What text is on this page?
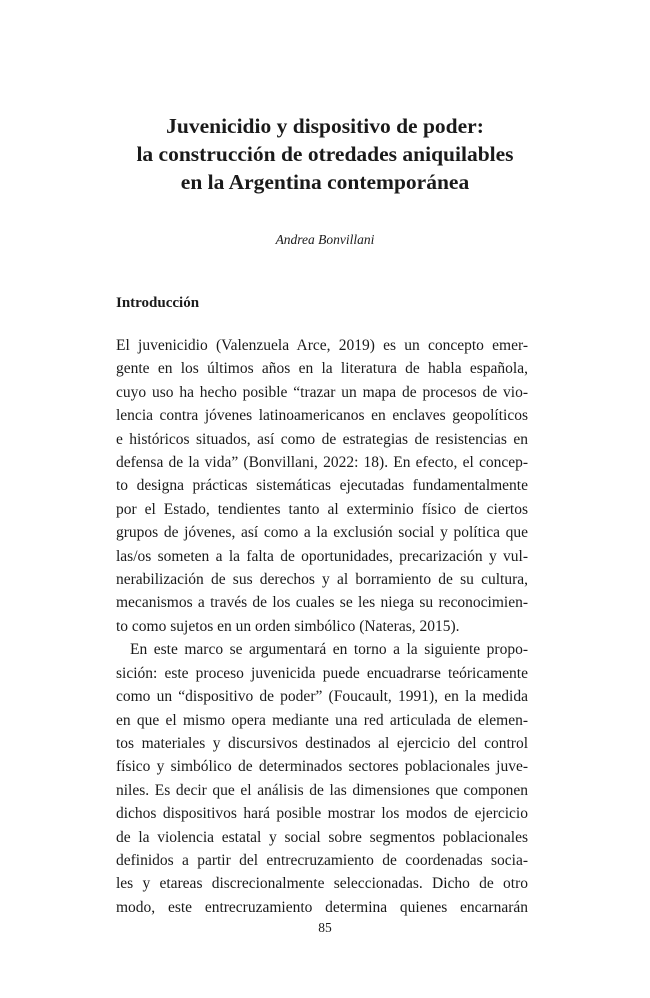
Juvenicidio y dispositivo de poder:
la construcción de otredades aniquilables
en la Argentina contemporánea
Andrea Bonvillani
Introducción

El juvenicidio (Valenzuela Arce, 2019) es un concepto emer-
gente en los últimos años en la literatura de habla española,
cuyo uso ha hecho posible “trazar un mapa de procesos de vio-
lencia contra jóvenes latinoamericanos en enclaves geopolíticos
e históricos situados, así como de estrategias de resistencias en
defensa de la vida” (Bonvillani, 2022: 18). En efecto, el concep-
to designa prácticas sistemáticas ejecutadas fundamentalmente
por el Estado, tendientes tanto al exterminio físico de ciertos
grupos de jóvenes, así como a la exclusión social y política que
las/os someten a la falta de oportunidades, precarización y vul-
nerabilización de sus derechos y al borramiento de su cultura,
mecanismos a través de los cuales se les niega su reconocimien-
to como sujetos en un orden simbólico (Nateras, 2015).

En este marco se argumentará en torno a la siguiente propo-
sición: este proceso juvenicida puede encuadrarse teóricamente
como un “dispositivo de poder” (Foucault, 1991), en la medida
en que el mismo opera mediante una red articulada de elemen-
tos materiales y discursivos destinados al ejercicio del control
físico y simbólico de determinados sectores poblacionales juve-
niles. Es decir que el análisis de las dimensiones que componen
dichos dispositivos hará posible mostrar los modos de ejercicio
de la violencia estatal y social sobre segmentos poblacionales
definidos a partir del entrecruzamiento de coordenadas socia-
les y etareas discrecionalmente seleccionadas. Dicho de otro
modo, este entrecruzamiento determina quienes encarnarán

85
